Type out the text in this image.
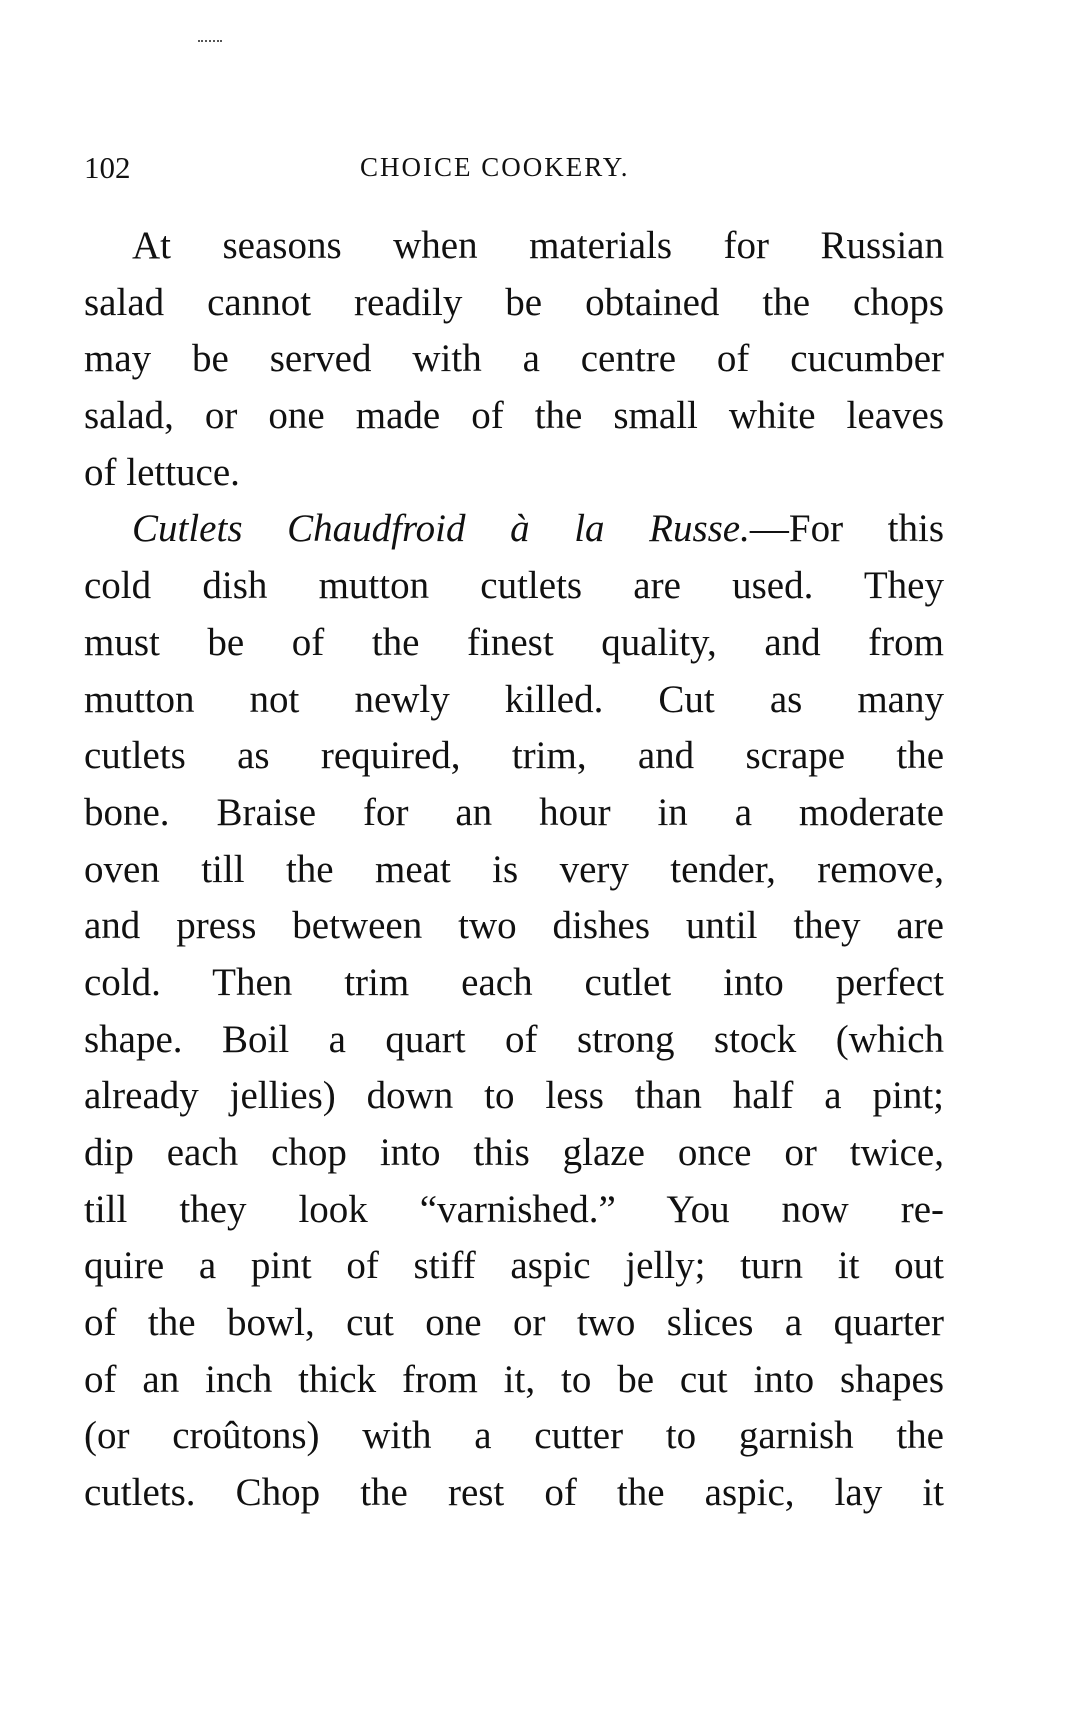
102	CHOICE COOKERY.
At seasons when materials for Russian
salad cannot readily be obtained the chops
may be served with a centre of cucumber
salad, or one made of the small white leaves
of lettuce.
Cutlets Chaudfroid à la Russe.—For this
cold dish mutton cutlets are used. They
must be of the finest quality, and from
mutton not newly killed. Cut as many
cutlets as required, trim, and scrape the
bone. Braise for an hour in a moderate
oven till the meat is very tender, remove,
and press between two dishes until they are
cold. Then trim each cutlet into perfect
shape. Boil a quart of strong stock (which
already jellies) down to less than half a pint;
dip each chop into this glaze once or twice,
till they look “varnished.” You now re-
quire a pint of stiff aspic jelly; turn it out
of the bowl, cut one or two slices a quarter
of an inch thick from it, to be cut into shapes
(or croûtons) with a cutter to garnish the
cutlets. Chop the rest of the aspic, lay it
